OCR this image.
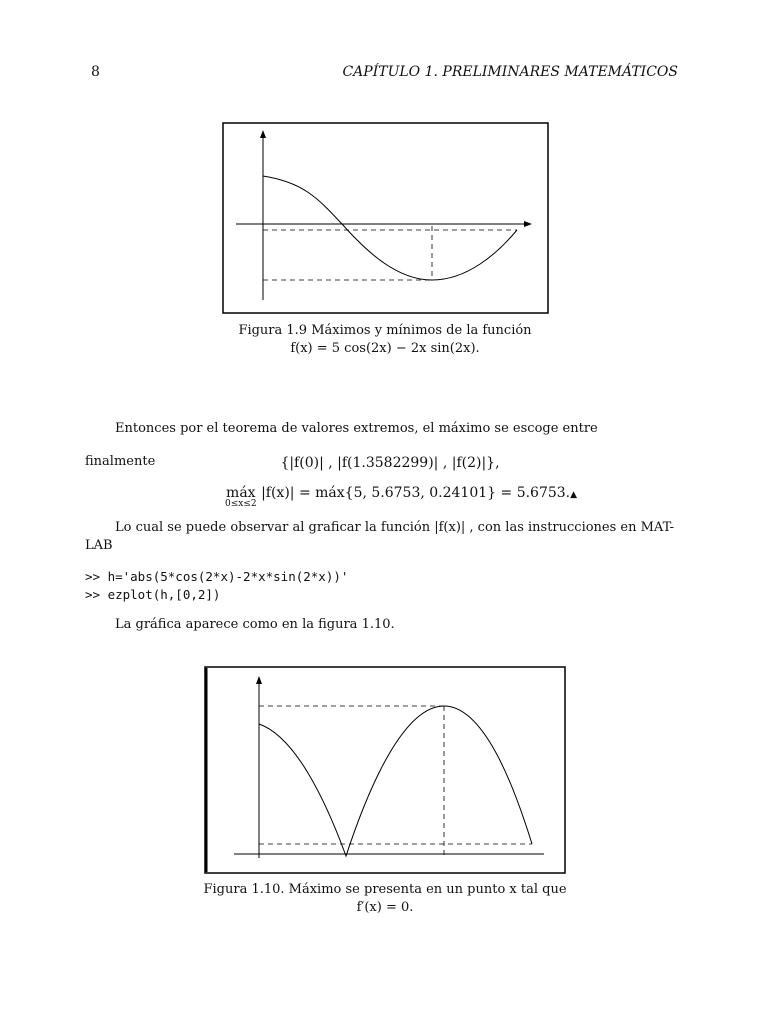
8	CAPÍTULO 1. PRELIMINARES MATEMÁTICOS
Figura 1.9 Máximos y mínimos de la función
f(x) = 5 cos(2x) − 2x sin(2x).
Entonces por el teorema de valores extremos, el máximo se escoge entre
{|f(0)| , |f(1.3582299)| , |f(2)|},
finalmente
máx
0≤x≤2
|f(x)| = máx{5, 5.6753, 0.24101} = 5.6753.▲
Lo cual se puede observar al graficar la función |f(x)| , con las instrucciones en MAT-LAB
>> h='abs(5*cos(2*x)-2*x*sin(2*x))'
>> ezplot(h,[0,2])
La gráfica aparece como en la figura 1.10.
Figura 1.10. Máximo se presenta en un punto x tal que
f′(x) = 0.
